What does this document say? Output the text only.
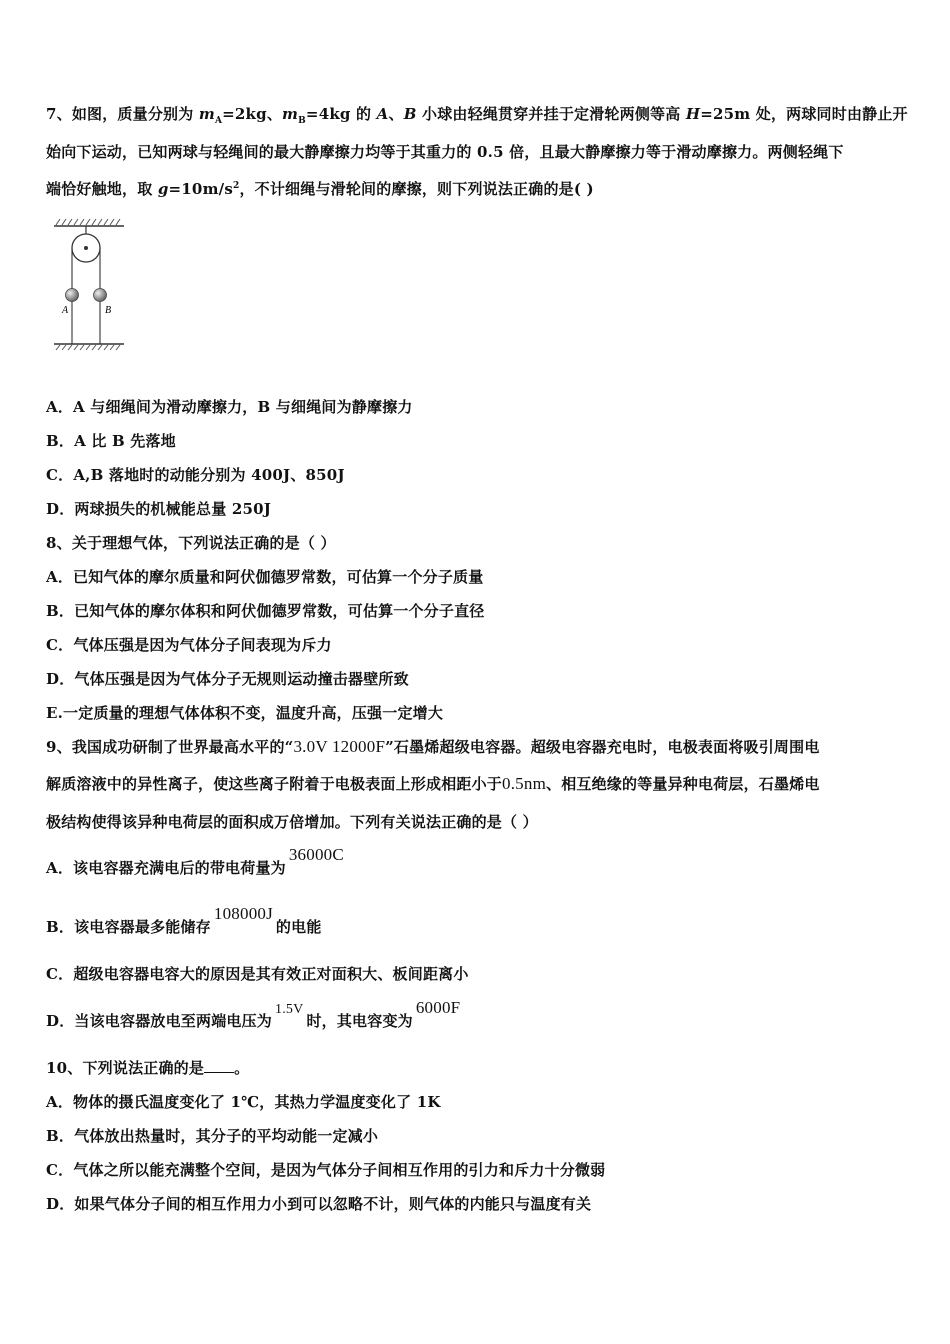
7、如图，质量分别为 $m_A=2kg$、$m_B=4kg$ 的 A、B 小球由轻绳贯穿并挂于定滑轮两侧等高 H=25m 处，两球同时由静止开
始向下运动，已知两球与轻绳间的最大静摩擦力均等于其重力的 0.5 倍，且最大静摩擦力等于滑动摩擦力。两侧轻绳下
端恰好触地，取 $g=10m/s^2$，不计细绳与滑轮间的摩擦，则下列说法正确的是( )
A	B
A．A 与细绳间为滑动摩擦力，B 与细绳间为静摩擦力
B．A 比 B 先落地
C．A,B 落地时的动能分别为 400J、850J
D．两球损失的机械能总量 250J
8、关于理想气体，下列说法正确的是（ ）
A．已知气体的摩尔质量和阿伏伽德罗常数，可估算一个分子质量
B．已知气体的摩尔体积和阿伏伽德罗常数，可估算一个分子直径
C．气体压强是因为气体分子间表现为斥力
D．气体压强是因为气体分子无规则运动撞击器壁所致
E.一定质量的理想气体体积不变，温度升高，压强一定增大
9、我国成功研制了世界最高水平的“3.0V 12000F”石墨烯超级电容器。超级电容器充电时，电极表面将吸引周围电
解质溶液中的异性离子，使这些离子附着于电极表面上形成相距小于0.5nm、相互绝缘的等量异种电荷层，石墨烯电
极结构使得该异种电荷层的面积成万倍增加。下列有关说法正确的是（ ）
A．该电容器充满电后的带电荷量为36000C
B．该电容器最多能储存108000J的电能
C．超级电容器电容大的原因是其有效正对面积大、板间距离小
D．当该电容器放电至两端电压为1.5V时，其电容变为6000F
10、下列说法正确的是 。
A．物体的摄氏温度变化了 1℃，其热力学温度变化了 1K
B．气体放出热量时，其分子的平均动能一定减小
C．气体之所以能充满整个空间，是因为气体分子间相互作用的引力和斥力十分微弱
D．如果气体分子间的相互作用力小到可以忽略不计，则气体的内能只与温度有关
